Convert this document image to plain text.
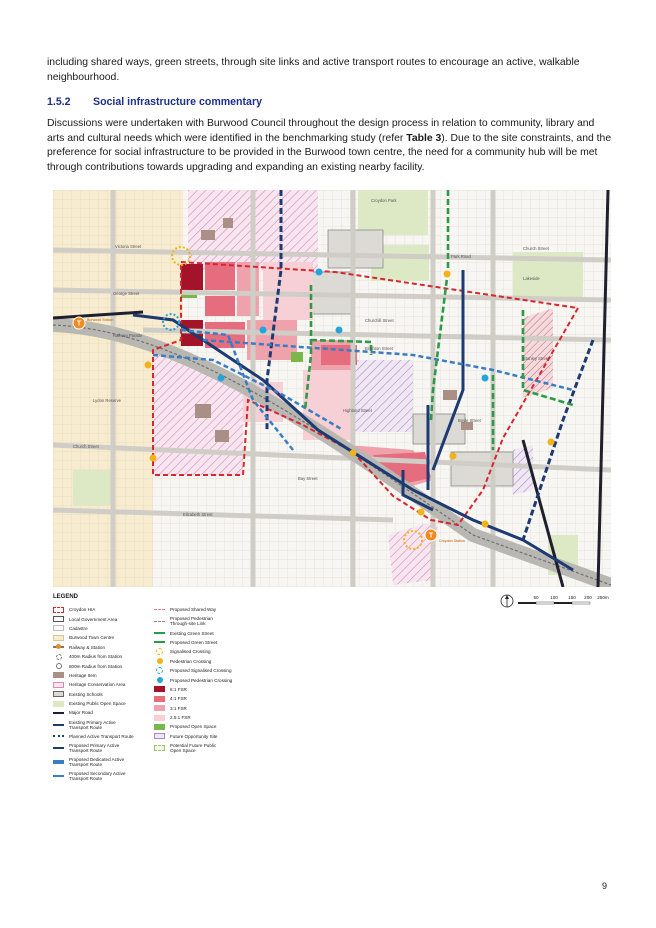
including shared ways, green streets, through site links and active transport routes to encourage an active, walkable neighbourhood.

1.5.2 Social infrastructure commentary

Discussions were undertaken with Burwood Council throughout the design process in relation to community, library and arts and cultural needs which were identified in the benchmarking study (refer Table 3). Due to the site constraints, and the preference for social infrastructure to be provided in the Burwood town centre, the need for a community hub will be met through contributions towards upgrading and expanding an existing nearby facility.

T
T
Victoria Street
George Street
Railway Parade
Churchill Street
Church Street
Lydon Reserve
Church Street
Stanley Street
Park Road
Brighton Street
Highland Street
Croydon Park
Boyle Street
Elizabeth Street
Lakeside
Bay Street
Burwood Station
Croydon Station
LEGEND
Croydon HIA
Local Government Area
Cadastre
Burwood Town Centre
Railway & Station
400m Radius from Station
800m Radius from Station
Heritage Item
Heritage Conservation Area
Existing Schools
Existing Public Open Space
Major Road
Existing Primary Active Transport Route
Planned Active Transport Route
Proposed Primary Active Transport Route
Proposed Dedicated Active Transport Route
Proposed Secondary Active Transport Route
Proposed Shared Way
Proposed Pedestrian Through-site Link
Existing Green Street
Proposed Green Street
Signalised Crossing
Pedestrian Crossing
Proposed Signalised Crossing
Proposed Pedestrian Crossing
6:1 FSR
4:1 FSR
3:1 FSR
2.5:1 FSR
Proposed Open Space
Future Opportunity Site
Potential Future Public Open Space
50	100 150 200 250m
9
